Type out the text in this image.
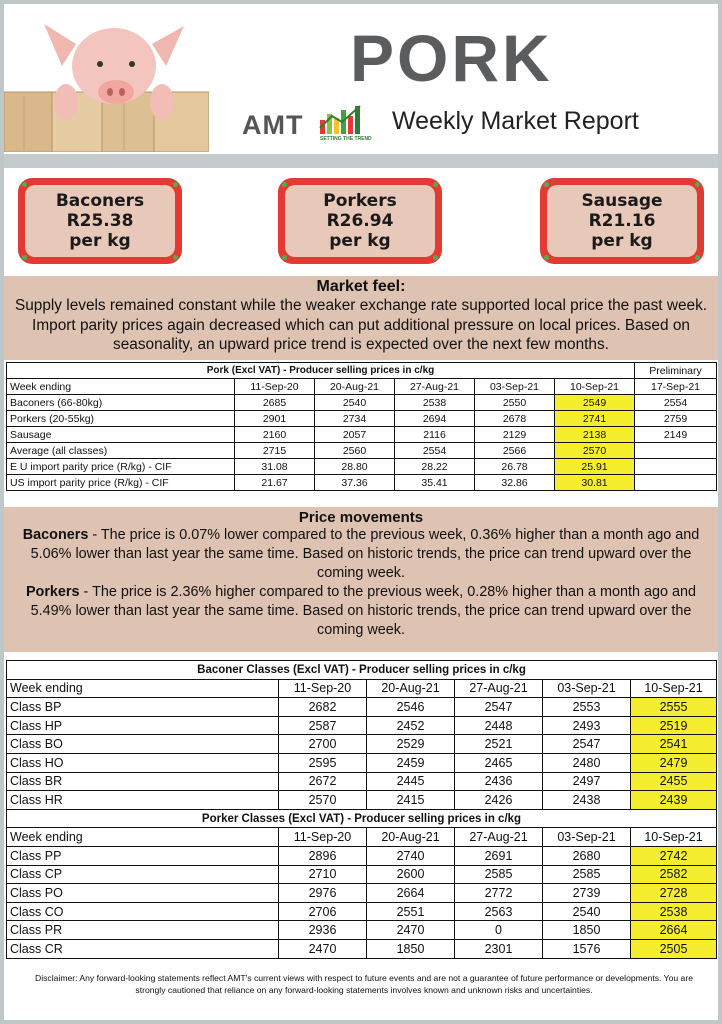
PORK
AMT	SETTING THE TREND
Weekly Market Report
Baconers
R25.38
per kg
Porkers
R26.94
per kg
Sausage
R21.16
per kg
Market feel:

Supply levels remained constant while the weaker exchange rate supported local price the past week. Import parity prices again decreased which can put additional pressure on local prices. Based on seasonality, an upward price trend is expected over the next few months.

Pork (Excl VAT) - Producer selling prices in c/kg						Preliminary
Week ending	11-Sep-20	20-Aug-21	27-Aug-21	03-Sep-21	10-Sep-21	17-Sep-21
Baconers (66-80kg)	2685	2540	2538	2550	2549	2554
Porkers (20-55kg)	2901	2734	2694	2678	2741	2759
Sausage	2160	2057	2116	2129	2138	2149
Average (all classes)	2715	2560	2554	2566	2570	
E U import parity price (R/kg) - CIF	31.08	28.80	28.22	26.78	25.91	
US import parity price (R/kg) - CIF	21.67	37.36	35.41	32.86	30.81	
Price movements

Baconers - The price is 0.07% lower compared to the previous week, 0.36% higher than a month ago and 5.06% lower than last year the same time. Based on historic trends, the price can trend upward over the coming week.

Porkers - The price is 2.36% higher compared to the previous week, 0.28% higher than a month ago and 5.49% lower than last year the same time. Based on historic trends, the price can trend upward over the coming week.

Baconer Classes (Excl VAT) - Producer selling prices in c/kg					
Week ending	11-Sep-20	20-Aug-21	27-Aug-21	03-Sep-21	10-Sep-21
Class BP	2682	2546	2547	2553	2555
Class HP	2587	2452	2448	2493	2519
Class BO	2700	2529	2521	2547	2541
Class HO	2595	2459	2465	2480	2479
Class BR	2672	2445	2436	2497	2455
Class HR	2570	2415	2426	2438	2439
Porker Classes (Excl VAT) - Producer selling prices in c/kg					
Week ending	11-Sep-20	20-Aug-21	27-Aug-21	03-Sep-21	10-Sep-21
Class PP	2896	2740	2691	2680	2742
Class CP	2710	2600	2585	2585	2582
Class PO	2976	2664	2772	2739	2728
Class CO	2706	2551	2563	2540	2538
Class PR	2936	2470	0	1850	2664
Class CR	2470	1850	2301	1576	2505
Disclaimer: Any forward-looking statements reflect AMT's current views with respect to future events and are not a guarantee of future performance or developments. You are strongly cautioned that reliance on any forward-looking statements involves known and unknown risks and uncertainties.
